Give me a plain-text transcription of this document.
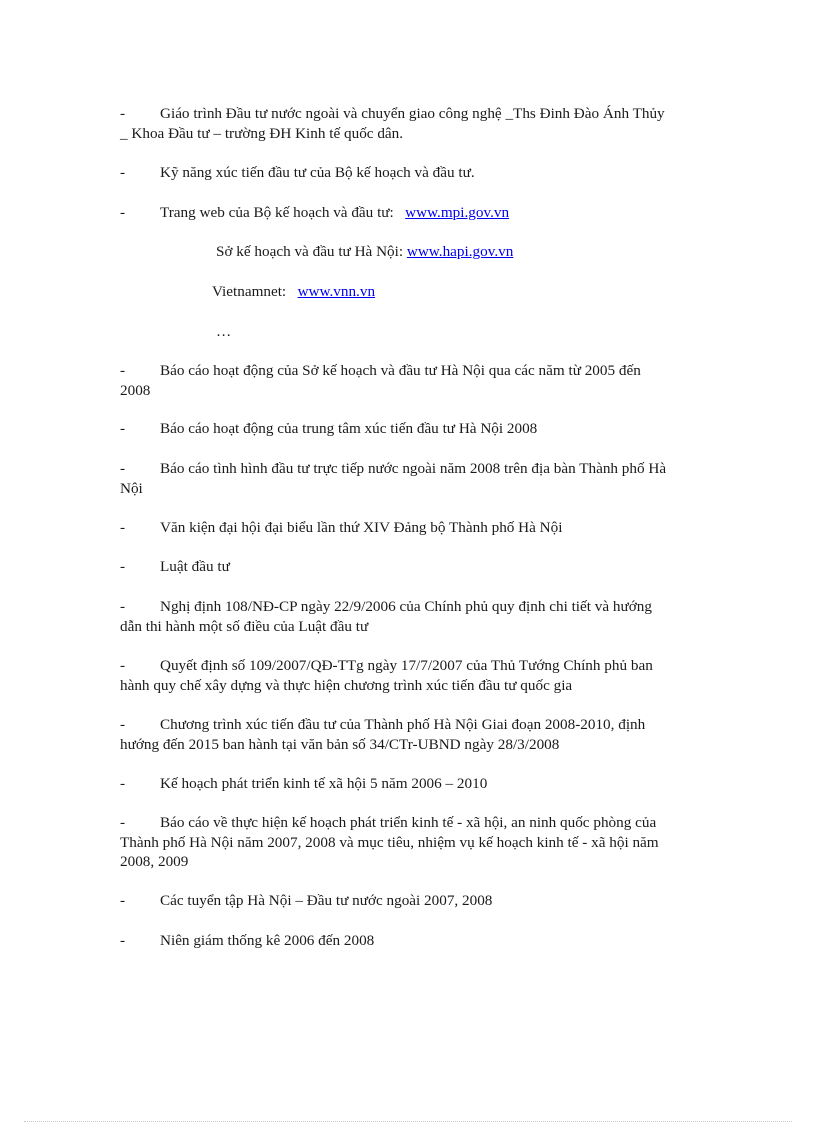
- Giáo trình Đầu tư nước ngoài và chuyển giao công nghệ _Ths Đinh Đào Ánh Thủy
_ Khoa Đầu tư – trường ĐH Kinh tế quốc dân.
- Kỹ năng xúc tiến đầu tư của Bộ kế hoạch và đầu tư.
- Trang web của Bộ kế hoạch và đầu tư: www.mpi.gov.vn
Sở kế hoạch và đầu tư Hà Nội: www.hapi.gov.vn
Vietnamnet:   www.vnn.vn
…
- Báo cáo hoạt động của Sở kế hoạch và đầu tư Hà Nội qua các năm từ 2005 đến
2008
- Báo cáo hoạt động của trung tâm xúc tiến đầu tư Hà Nội 2008
- Báo cáo tình hình đầu tư trực tiếp nước ngoài năm 2008 trên địa bàn Thành phố Hà
Nội
- Văn kiện đại hội đại biểu lần thứ XIV Đảng bộ Thành phố Hà Nội
- Luật đầu tư
- Nghị định 108/NĐ-CP ngày 22/9/2006 của Chính phủ quy định chi tiết và hướng
dẫn thi hành một số điều của Luật đầu tư
- Quyết định số 109/2007/QĐ-TTg ngày 17/7/2007 của Thủ Tướng Chính phủ ban
hành quy chế xây dựng và thực hiện chương trình xúc tiến đầu tư quốc gia
- Chương trình xúc tiến đầu tư của Thành phố Hà Nội Giai đoạn 2008-2010, định
hướng đến 2015 ban hành tại văn bản số 34/CTr-UBND ngày 28/3/2008
- Kế hoạch phát triển kinh tế xã hội 5 năm 2006 – 2010
- Báo cáo về thực hiện kế hoạch phát triển kinh tế - xã hội, an ninh quốc phòng của
Thành phố Hà Nội năm 2007, 2008 và mục tiêu, nhiệm vụ kế hoạch kinh tế - xã hội năm
2008, 2009
- Các tuyển tập Hà Nội – Đầu tư nước ngoài 2007, 2008
- Niên giám thống kê 2006 đến 2008
